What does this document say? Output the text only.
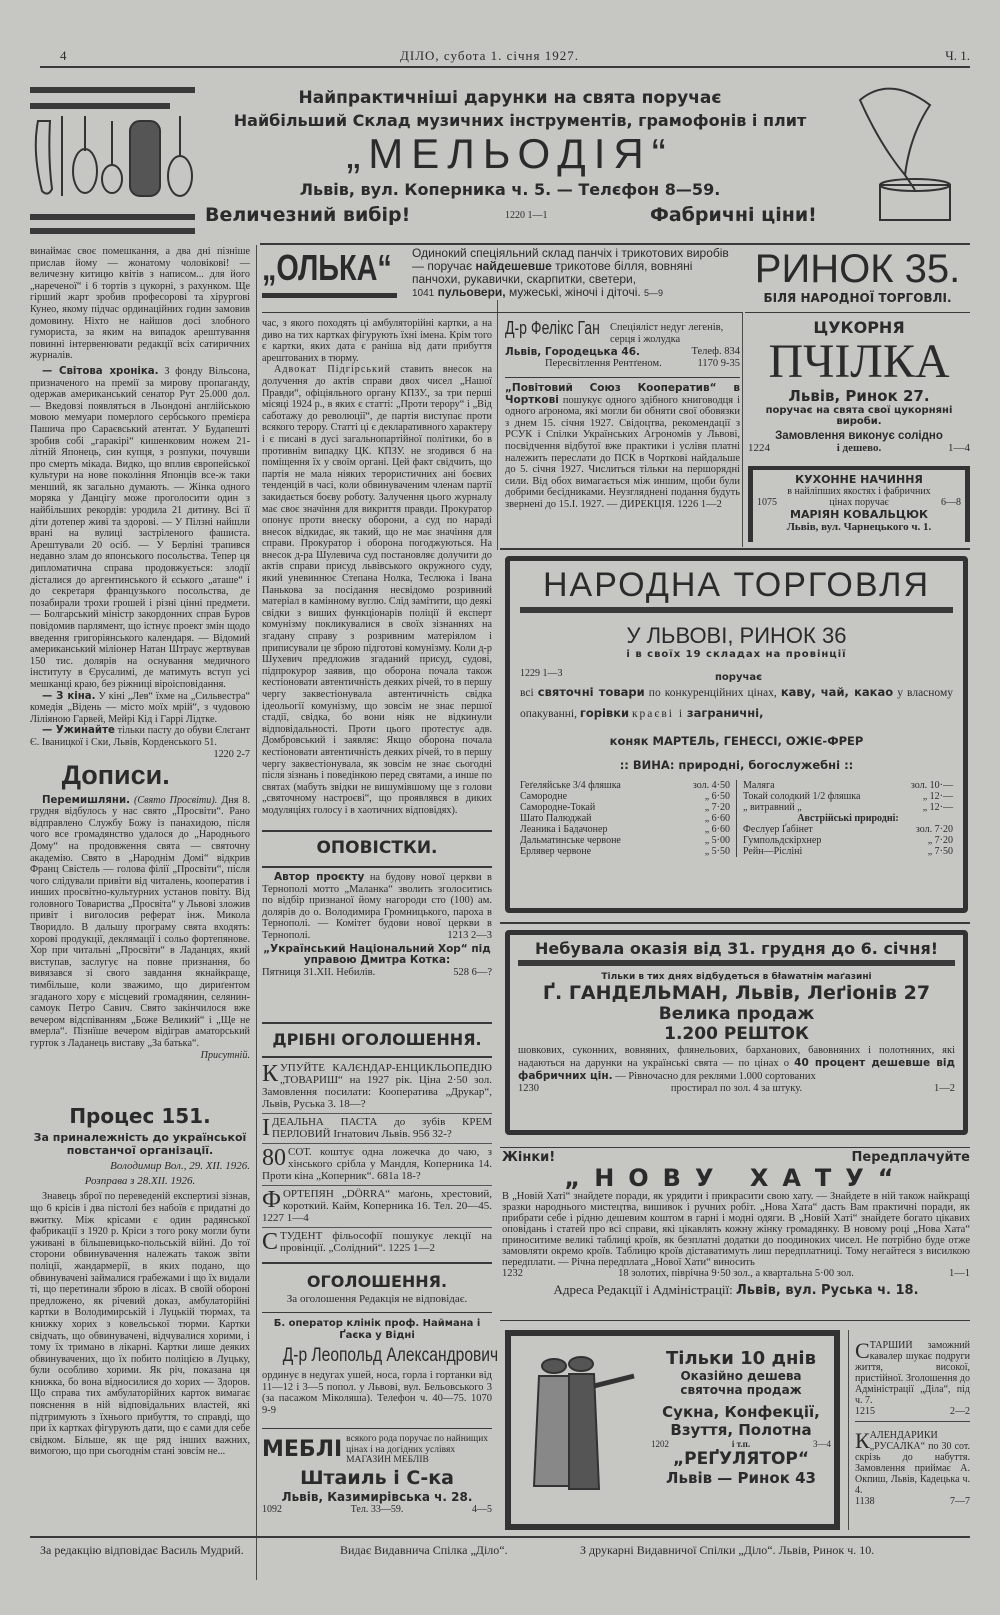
4	ДІЛО, субота 1. січня 1927.	Ч. 1.
Найпрактичніші дарунки на свята поручає
Найбільший Склад музичних інструментів, грамофонів і плит
„МЕЛЬОДІЯ“
Львів, вул. Коперника ч. 5. — Телєфон 8—59.
Величезний вибір!	1220 1—1	Фабричні ціни!

винаймає своє помешкання, а два дні пізніше прислав йому — жонатому чоловікові! — величезну китицю квітів з написом... для його „нареченої“ і 6 тортів з цукорні, з рахунком. Ще гірший жарт зробив професорові та хірургові Кунео, якому підчас ординаційних годин замовив домовину. Ніхто не найшов досі злобного гумориста, за яким на випадок арештування повинні інтервенювати редакції всіх сатиричних журналів.

— Світова хроніка. З фонду Вільсона, призначеного на премії за мирову пропаганду, одержав американський сенатор Рут 25.000 дол. — Вкедовзі появляться в Льондоні англійською мовою мемуари померлого сербського премієра Пашича про Сараєвський атентат. У Будапешті зробив собі „гаракірі“ кишенковим ножем 21-літній Японець, син купця, з розпуки, почувши про смерть мікада. Видко, що вплив європейської культури на нове покоління Японців все-ж таки менший, як загально думають. — Жінка одного моряка у Данцігу може проголосити один з найбільших рекордів: уродила 21 дитину. Всі її діти дотепер живі та здорові. — У Пілзні найшли врані на вулиці застріленого фашиста. Арештували 20 осіб. — У Берліні трапився недавно злам до японського посольства. Тепер ця дипломатична справа продовжується: злодії дісталися до аргентинського й єського „аташе“ і до секретаря французького посольства, де позабирали трохи грошей і різні цінні предмети. — Болгарський міністр закордонних справ Буров повідомив парлямент, що істнує проект змін щодо введення григоріянського календаря. — Відомий американський міліонер Натан Штраус жертвував 150 тис. долярів на оснування медичного інституту в Єрусалимі, де матимуть вступ усі мешканці краю, без ріжниці віроісповідання.

— З кіна. У кіні „Лев“ їхме на „Сильвестра“ комедія „Відень — місто моїх мрій“, з чудовою Ліліяною Гарвей, Мейрі Кід і Гаррі Лідтке.

— Ужинайте тільки пасту до обуви Єлєгант Є. Іваницкої і Ски, Львів, Корденського 51.
1220 2-7

Дописи.

Перемишляни. (Свято Просвіти). Дня 8. грудня відбулось у нас свято „Просвіти“. Рано відправлено Службу Божу із панахидою, після чого все громадянство удалося до „Народнього Дому“ на продовження свята — святочну академію. Свято в „Народнім Домі“ відкрив Франц Свістель — голова філії „Просвіти“, після чого слідували привіти від читалень, кооператив і инших просвітно-культурних установ повіту. Від головного Товариства „Просвіта“ у Львові зложив привіт і виголосив реферат інж. Микола Творидло. В дальшу програму свята входять: хорові продукції, деклямації і сольо фортепянове. Хор при читальні „Просвіти“ в Ладанцях, який виступав, заслугує на повне признання, бо вивязався зі свого завдання якнайкраще, тимбільше, коли зважимо, що дириґентом згаданого хору є місцевий громадянин, селянин-самоук Петро Савич. Свято закінчилося вже вечером відспіванням „Боже Великий“ і „Ще не вмерла“. Пізнїше вечером відіграв аматорський гурток з Ладанець виставу „За батька“.

Присутній.
Процес 151.
За приналежність до української повстанчої організації.
Володимир Вол., 29. XII. 1926.
Розправа з 28.XII. 1926.

Знавець зброї по переведеній експертизі зізнав, що 6 крісів і два пістолі без набоїв є придатні до вжитку. Між крісами є один радянської фабрикації з 1920 р. Кріси з того року могли бути уживані в більшевицько-польській війні. До тої сторони обвинувачення належать також звіти поліції, жандармерії, в яких подано, що обвинувачені займалися грабежами і що їх видали ті, що перетинали зброю в лісах. В своїй обороні предложено, як річевий доказ, амбулаторійні картки в Володимирській і Луцькій тюрмах, та книжку хорих з ковельської тюрми. Картки свідчать, що обвинувачені, відчувалися хорими, і тому їх тримано в лікарні. Картки лише деяких обвинувачених, що їх побито поліцією в Луцьку, були особливо хорими. Як річ, показана ця книжка, бо вона відносилися до хорих — Здоров. Що справа тих амбулаторійних карток вимагає пояснення в ній відповідальних властей, які підтримують з їхнього прибуття, то справді, що при їх картках фігурують дати, що є сами для себе свідком. Більше, як ще ряд інших важних, вимогою, що при сьогоднім стані зовсім не...

„ОЛЬКА“ Одинокий спеціяльний склад панчіх і трикотових виробів — поручає найдешевше трикотове білля, вовняні панчохи, рукавички, скарпитки, светери,
1041 пульовери, мужеські, жіночі і діточі. 5—9
РИНОК 35.
БІЛЯ НАРОДНОЇ ТОРГОВЛІ.

час, з якого походять ці амбуляторійні картки, а на диво на тих картках фігурують їхні імена. Крім того є картки, яких дата є раніша від дати прибуття арештованих в тюрму.

Адвокат Підгірський ставить внесок на долучення до актів справи двох чисел „Нашої Правди“, офіціяльного органу КПЗУ., за три перші місяці 1924 р., в яких є статті: „Проти терору“ і „Від саботажу до революції“, де партія виступає проти всякого терору. Статті ці є декларативного характеру і є писані в дусі загальнопартійної політики, бо в противнім випадку ЦК. КПЗУ. не згодився б на поміщення їх у своїм органі. Цей факт свідчить, що партія не мала ніяких терористичних ані боєвих тенденцій в часі, коли обвинуваченим членам партії закидається боєву роботу. Залучення цього журналу має своє значіння для викриття правди. Прокуратор опонує проти внеску оборони, а суд по нараді внесок відкидає, як такий, що не має значіння для справи. Прокуратор і оборона погоджуються. На внесок д-ра Шулевича суд постановляє долучити до актів справи присуд львівського окружного суду, який уневиннює Степана Нолка, Теслюка і Івана Панькова за посідання несвідомо розривний матеріал в камінному вуглю. Слід замітити, що деякі свідки з виших функціонарів поліції й експерт комунізму покликувалися в своїх зізнаннях на згадану справу з розривним матеріялом і приписували це зброю підготові комунізму. Коли д-р Шухевич предложив згаданий присуд, судові, підпрокурор заявив, що оборона почала також кестіоновати автентичність деяких річей, то в першу чергу заквестіонувала автентичність свідка ідеольогії комунізму, що зовсім не знає першої стадії, свідка, бо вони ніяк не відкинули відповідальності. Проти цього протестує адв. Домбровський і заявляє: Якщо оборона почала кестіоновати автентичність деяких річей, то в першу чергу заквестіонувала, як зовсім не знає сьогодні після зізнань і поведінкою перед святами, а инше по святах (мабуть звідки не вишумівшому ще з голови „святочному настроєві“, що проявлявся в диких модуляціях голосу і в хаотичних відповідях).

ОПОВІСТКИ.

Автор проєкту на будову нової церкви в Тернополі мотто „Маланка“ зволить зголоситись по відбір признаної йому нагороди сто (100) ам. долярів до о. Володимира Громницького, пароха в Тернополі. — Комітет будови нової церкви в Тернополі.	1213 2—3

„Український Національний Хор“ під управою Дмитра Котка:
Пятниця 31.XII. Небилів.	528 6—?
ДРІБНІ ОГОЛОШЕННЯ.
КУПУЙТЕ КАЛЄНДАР-ЕНЦИКЛЬОПЕДІЮ „ТОВАРИШ“ на 1927 рік. Ціна 2·50 зол. Замовлення посилати: Кооператива „Друкар“, Львів, Руська 3. 18—?
ІДЕАЛЬНА ПАСТА до зубів КРЕМ ПЕРЛОВИЙ Ігнатович Львів. 956 32-?
80 СОТ. коштує одна ложечка до чаю, з хінського срібла у Мандля, Коперника 14. Проти кіна „Коперник“. 681a 18-?
ФОРТЕПЯН „DÖRRA“ маґонь, хрестовий, короткий. Кайм, Коперника 16. Тел. 20—45. 1227 1—4
СТУДЕНТ фільософії пошукує лекції на провінції. „Солідний“. 1225 1—2
ОГОЛОШЕННЯ.
За оголошення Редакція не відповідає.
Б. оператор клінік проф. Наймана і Ґаєка у Відні
Д-р Леопольд Александрович
ординує в недугах ушей, носа, горла і гортанки від 11—12 і 3—5 попол. у Львові, вул. Бельовського 3 (за пасажом Міколяша). Телефон ч. 40—75. 1070 9-9
МЕБЛІ всякого рода поручає по найнищих цінах і на догідних услівях МАГАЗИН МЕБЛІВ
Штаиль і С-ка
Львів, Казимирівська ч. 28.
1092	Тел. 33—59.	4—5
Д-р Фелікс Ган Спеціяліст недуг легенів, серця і жолудка
Львів, Городецька 46.	Телеф. 834
Пересвітлення Рентґеном.	1170 9-35
„Повітовий Союз Кооператив“ в Чорткові пошукує одного здібного книговодця і одного аґронома, які могли би обняти свої обовязки з днем 15. січня 1927. Свідоцтва, рекомендації з РСУК і Спілки Українських Агрономів у Львові, посвідчення відбутої вже практики і услівя платні належить переслати до ПСК в Чорткові найдальше до 5. січня 1927. Числиться тільки на першорядні сили. Від обох вимагається між иншим, щоби були добрими бесідниками. Неузгляднені подання будуть звернені до 15.I. 1927. — ДИРЕКЦІЯ. 1226 1—2
ЦУКОРНЯ
ПЧІЛКА
Львів, Ринок 27.
поручає на свята свої цукорняні вироби.
Замовлення виконує солідно
1224	і дешево.	1—4
КУХОННЕ НАЧИННЯ
в найліпших якостях і фабричних
1075	цінах поручає	6—8
МАРІЯН КОВАЛЬЦЮК
Львів, вул. Чарнецького ч. 1.
НАРОДНА ТОРГОВЛЯ
У ЛЬВОВІ, РИНОК 36
і в своїх 19 складах на провінції
1229 1—3	поручає
всі святочні товари по конкуренційних цінах, каву, чай, какао у власному опакуванні, горівки краєві і заграничні,
коняк МАРТЕЛЬ, ГЕНЕССІ, ОЖІЄ-ФРЕР
:: ВИНА: природні, богослужебні ::
Геґеляйське 3/4 фляшка	зол. 4·50
Самородне	„ 6·50
Самородне-Токай	„ 7·20
Шато Палюджай	„ 6·60
Леаника і Бадачонер	„ 6·60
Дальматинське червоне	„ 5·00
Ерлявер червоне	„ 5·50
Маляга	зол. 10·—
Токай солодкий 1/2 фляшка	„ 12·—
„ витравний „	„ 12·—
Австрійські природні:
Феслуер Ґабінет	зол. 7·20
Гумпольдскірхнер	„ 7·20
Рейн—Рісліні	„ 7·50
Небувала оказія від 31. грудня до 6. січня!
Тільки в тих днях відбудеться в бławатнім маґазині
Ґ. ГАНДЕЛЬМАН, Львів, Леґіонів 27
Велика продаж
1.200 РЕШТОК
шовкових, суконних, вовняних, флянельових, барханових, бавовняних і полотняних, які надаються на дарунки на українські свята — по цінах о 40 процент дешевше від фабричних цін. — Рівночасно для реклями 1.000 сортованих
1230	простирал по зол. 4 за штуку.	1—2
Жінки!	Передплачуйте
„НОВУ ХАТУ“
В „Новій Хаті“ знайдете поради, як урядити і прикрасити свою хату. — Знайдете в ній також найкращі зразки народнього мистецтва, вишивок і ручних робіт. „Нова Хата“ дасть Вам практичні поради, як прибрати себе і рідню дешевим коштом в гарні і модні одяги. В „Новій Хаті“ знайдете богато цікавих оповідань і статей про всі справи, які цікавлять кожну жінку громадянку. В новому році „Нова Хата“ приноситиме великі таблиці кроїв, як безплатні додатки до поодиноких чисел. Не потрібно буде отже замовляти окремо кроїв. Таблицю кроїв діставатимуть лиш передплатниці. Тому негайтеся з висилкою передплати. — Річна передплата „Нової Хати“ виносить
1232	18 золотих, піврічна 9·50 зол., а квартальна 5·00 зол.	1—1
Адреса Редакції і Адміністрації: Львів, вул. Руська ч. 18.
Тільки 10 днів
Оказійно дешева
святочна продаж
Сукна, Конфекції,
Взуття, Полотна
1202	і т.п.	3—4
„РЕҐУЛЯТОР“
Львів — Ринок 43
СТАРШИЙ заможний кавалер шукає подруги життя, високої, пристійної. Зголошення до Адміністрації „Діла“, під ч. 7.
1215	2—2
КАЛЕНДАРИКИ „РУСАЛКА“ по 30 сот. скрізь до набуття. Замовлення приймає А. Окпиш, Львів, Кадецька ч. 4.
1138	7—7
За редакцію відповідає Василь Мудрий.	Видає Видавнича Спілка „Діло“.	З друкарні Видавничої Спілки „Діло“. Львів, Ринок ч. 10.
